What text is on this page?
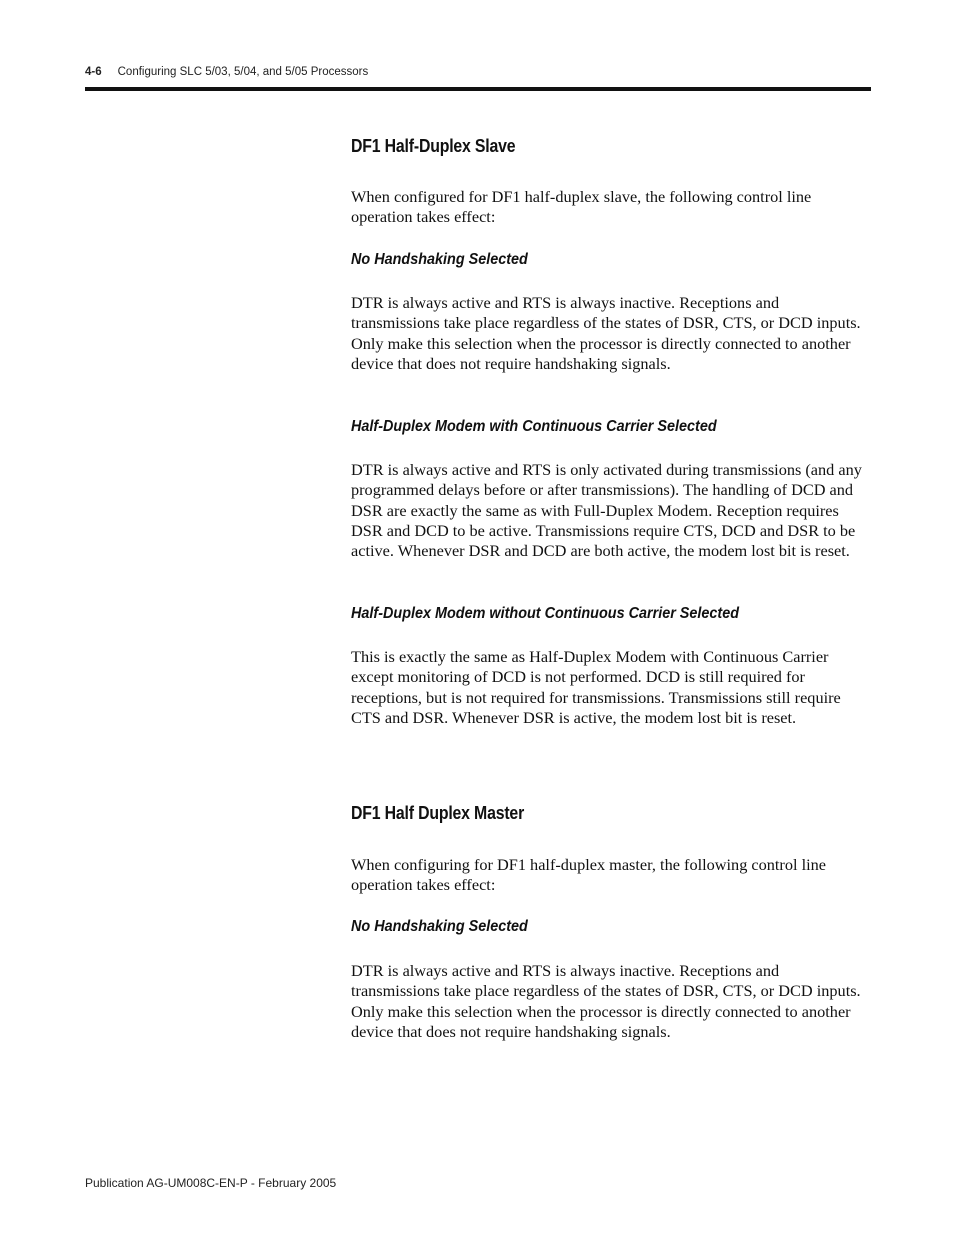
4-6 Configuring SLC 5/03, 5/04, and 5/05 Processors
DF1 Half-Duplex Slave

When configured for DF1 half-duplex slave, the following control line operation takes effect:

No Handshaking Selected

DTR is always active and RTS is always inactive. Receptions and transmissions take place regardless of the states of DSR, CTS, or DCD inputs. Only make this selection when the processor is directly connected to another device that does not require handshaking signals.

Half-Duplex Modem with Continuous Carrier Selected

DTR is always active and RTS is only activated during transmissions (and any programmed delays before or after transmissions). The handling of DCD and DSR are exactly the same as with Full-Duplex Modem. Reception requires DSR and DCD to be active. Transmissions require CTS, DCD and DSR to be active. Whenever DSR and DCD are both active, the modem lost bit is reset.

Half-Duplex Modem without Continuous Carrier Selected

This is exactly the same as Half-Duplex Modem with Continuous Carrier except monitoring of DCD is not performed. DCD is still required for receptions, but is not required for transmissions. Transmissions still require CTS and DSR. Whenever DSR is active, the modem lost bit is reset.

DF1 Half Duplex Master

When configuring for DF1 half-duplex master, the following control line operation takes effect:

No Handshaking Selected

DTR is always active and RTS is always inactive. Receptions and transmissions take place regardless of the states of DSR, CTS, or DCD inputs. Only make this selection when the processor is directly connected to another device that does not require handshaking signals.

Publication AG-UM008C-EN-P - February 2005
